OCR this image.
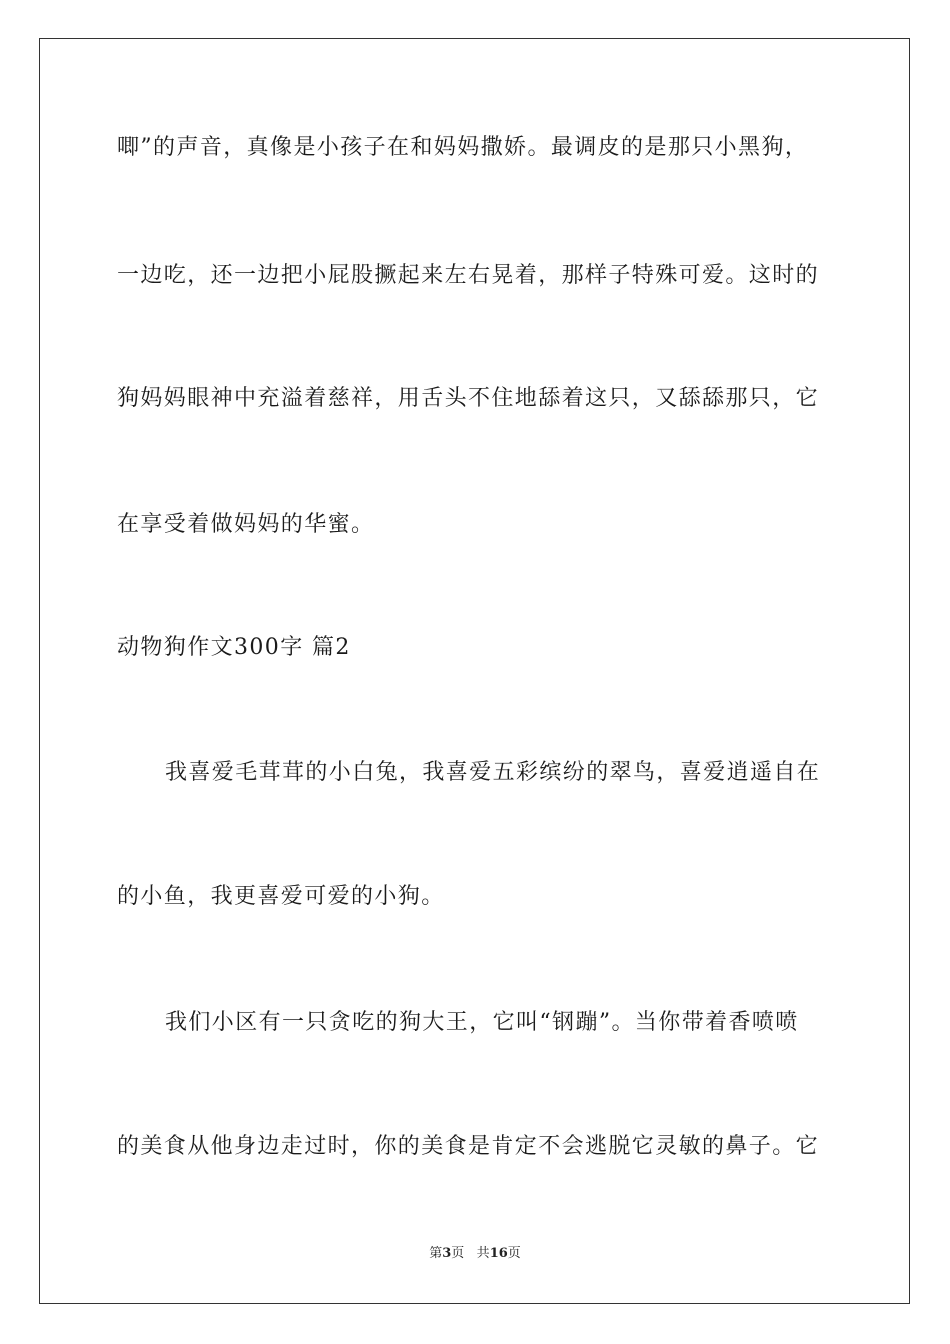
唧”的声音，真像是小孩子在和妈妈撒娇。最调皮的是那只小黑狗，
一边吃，还一边把小屁股撅起来左右晃着，那样子特殊可爱。这时的
狗妈妈眼神中充溢着慈祥，用舌头不住地舔着这只，又舔舔那只，它
在享受着做妈妈的华蜜。
动物狗作文300字 篇2
我喜爱毛茸茸的小白兔，我喜爱五彩缤纷的翠鸟，喜爱逍遥自在
的小鱼，我更喜爱可爱的小狗。
我们小区有一只贪吃的狗大王，它叫“钢蹦”。当你带着香喷喷
的美食从他身边走过时，你的美食是肯定不会逃脱它灵敏的鼻子。它
第3页 共16页
